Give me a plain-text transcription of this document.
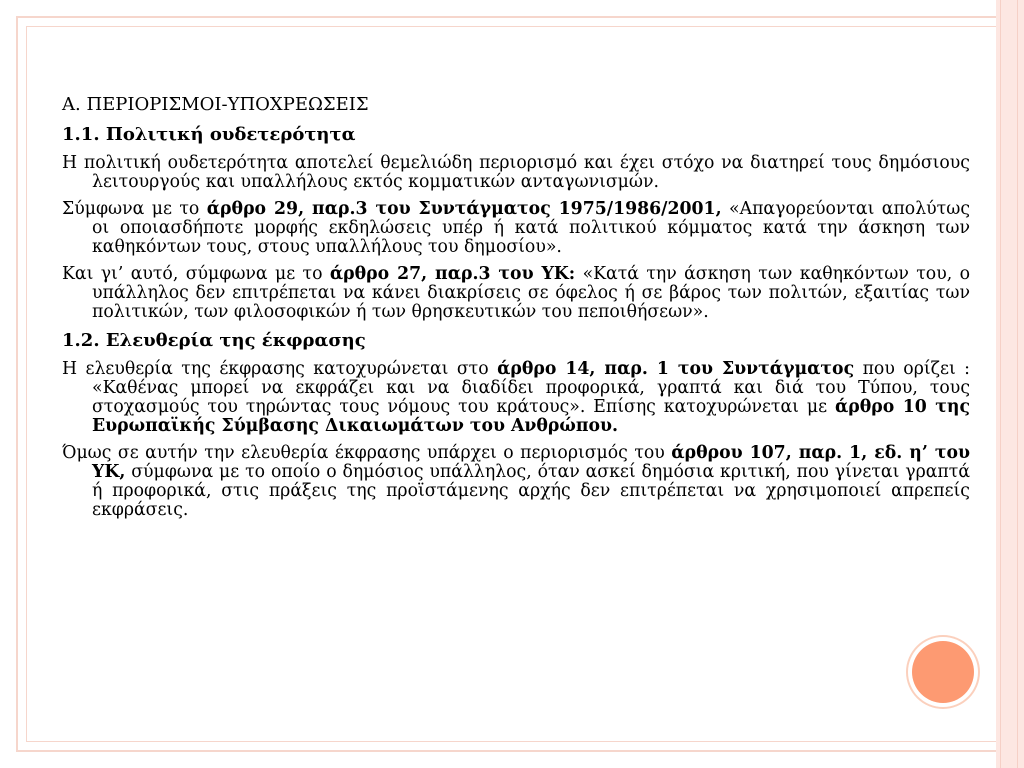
Α. ΠΕΡΙΟΡΙΣΜΟΙ-ΥΠΟΧΡΕΩΣΕΙΣ
1.1. Πολιτική ουδετερότητα
Η πολιτική ουδετερότητα αποτελεί θεμελιώδη περιορισμό και έχει στόχο να διατηρεί τους δημόσιους λειτουργούς και υπαλλήλους εκτός κομματικών ανταγωνισμών.
Σύμφωνα με το άρθρο 29, παρ.3 του Συντάγματος 1975/1986/2001, «Απαγορεύονται απολύτως οι οποιασδήποτε μορφής εκδηλώσεις υπέρ ή κατά πολιτικού κόμματος κατά την άσκηση των καθηκόντων τους, στους υπαλλήλους του δημοσίου».
Και γι’ αυτό, σύμφωνα με το άρθρο 27, παρ.3 του ΥΚ: «Κατά την άσκηση των καθηκόντων του, ο υπάλληλος δεν επιτρέπεται να κάνει διακρίσεις σε όφελος ή σε βάρος των πολιτών, εξαιτίας των πολιτικών, των φιλοσοφικών ή των θρησκευτικών του πεποιθήσεων».
1.2. Ελευθερία της έκφρασης
Η ελευθερία της έκφρασης κατοχυρώνεται στο άρθρο 14, παρ. 1 του Συντάγματος που ορίζει : «Καθένας μπορεί να εκφράζει και να διαδίδει προφορικά, γραπτά και διά του Τύπου, τους στοχασμούς του τηρώντας τους νόμους του κράτους». Επίσης κατοχυρώνεται με άρθρο 10 της Ευρωπαϊκής Σύμβασης Δικαιωμάτων του Ανθρώπου.
Όμως σε αυτήν την ελευθερία έκφρασης υπάρχει ο περιορισμός του άρθρου 107, παρ. 1, εδ. η’ του ΥΚ, σύμφωνα με το οποίο ο δημόσιος υπάλληλος, όταν ασκεί δημόσια κριτική, που γίνεται γραπτά ή προφορικά, στις πράξεις της προϊστάμενης αρχής δεν επιτρέπεται να χρησιμοποιεί απρεπείς εκφράσεις.
